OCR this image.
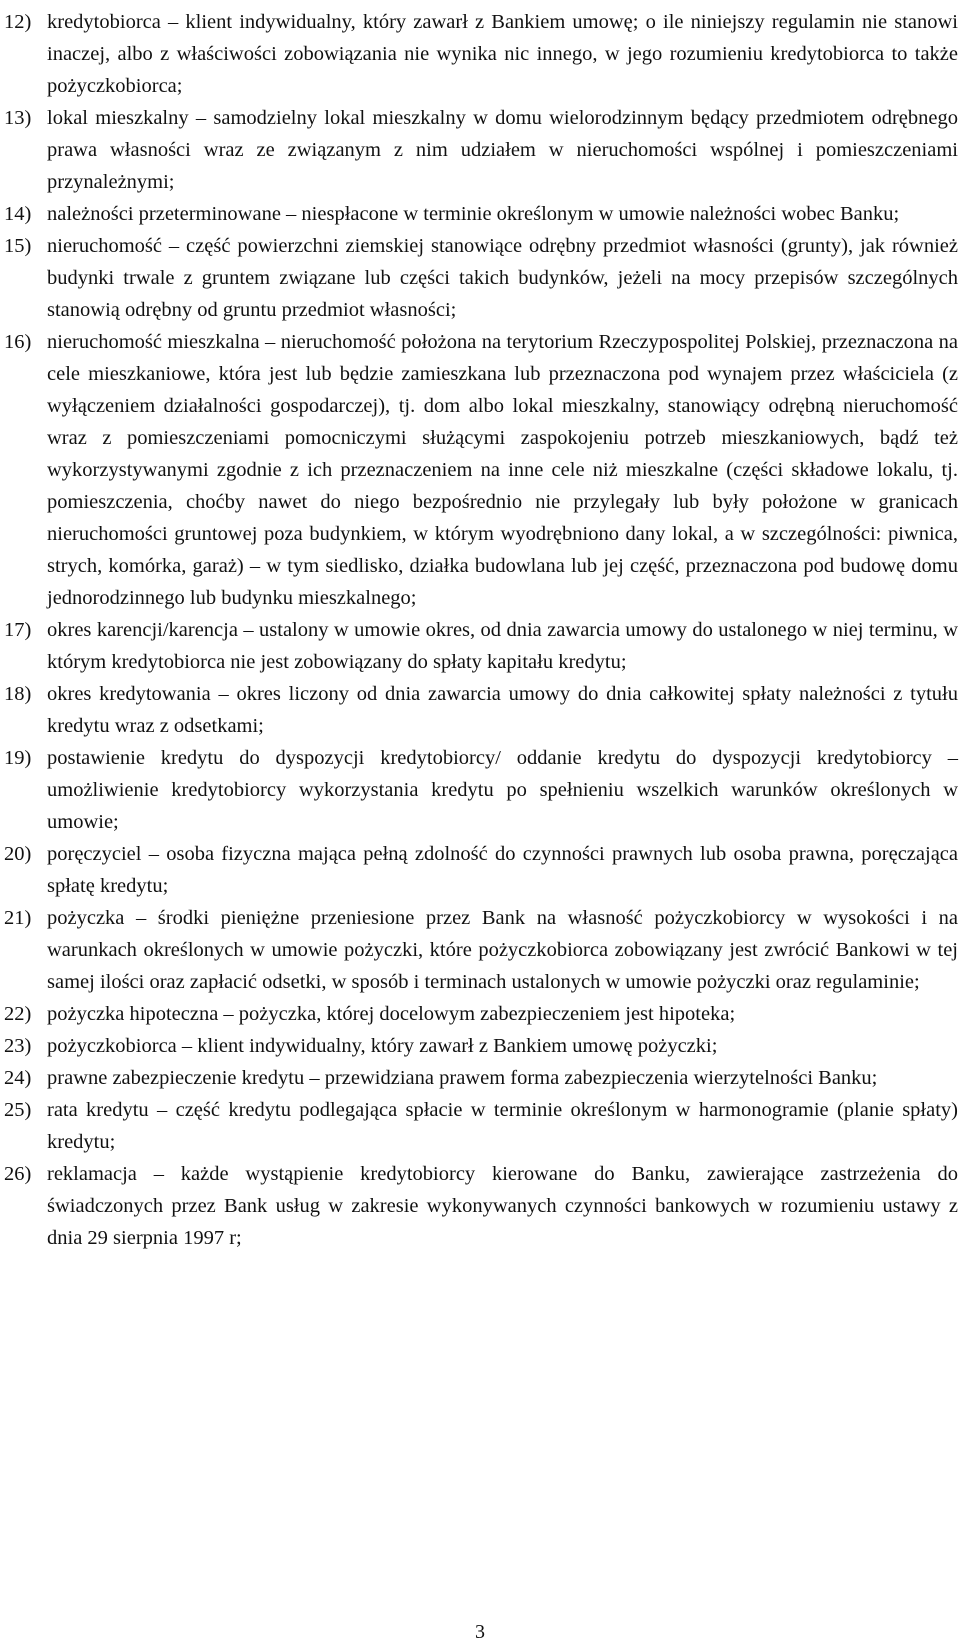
12) kredytobiorca – klient indywidualny, który zawarł z Bankiem umowę; o ile niniejszy regulamin nie stanowi inaczej, albo z właściwości zobowiązania nie wynika nic innego, w jego rozumieniu kredytobiorca to także pożyczkobiorca;
13) lokal mieszkalny – samodzielny lokal mieszkalny w domu wielorodzinnym będący przedmiotem odrębnego prawa własności wraz ze związanym z nim udziałem w nieruchomości wspólnej i pomieszczeniami przynależnymi;
14) należności przeterminowane – niespłacone w terminie określonym w umowie należności wobec Banku;
15) nieruchomość – część powierzchni ziemskiej stanowiące odrębny przedmiot własności (grunty), jak również budynki trwale z gruntem związane lub części takich budynków, jeżeli na mocy przepisów szczególnych stanowią odrębny od gruntu przedmiot własności;
16) nieruchomość mieszkalna – nieruchomość położona na terytorium Rzeczypospolitej Polskiej, przeznaczona na cele mieszkaniowe, która jest lub będzie zamieszkana lub przeznaczona pod wynajem przez właściciela (z wyłączeniem działalności gospodarczej), tj. dom albo lokal mieszkalny, stanowiący odrębną nieruchomość wraz z pomieszczeniami pomocniczymi służącymi zaspokojeniu potrzeb mieszkaniowych, bądź też wykorzystywanymi zgodnie z ich przeznaczeniem na inne cele niż mieszkalne (części składowe lokalu, tj. pomieszczenia, choćby nawet do niego bezpośrednio nie przylegały lub były położone w granicach nieruchomości gruntowej poza budynkiem, w którym wyodrębniono dany lokal, a w szczególności: piwnica, strych, komórka, garaż) – w tym siedlisko, działka budowlana lub jej część, przeznaczona pod budowę domu jednorodzinnego lub budynku mieszkalnego;
17) okres karencji/karencja – ustalony w umowie okres, od dnia zawarcia umowy do ustalonego w niej terminu, w którym kredytobiorca nie jest zobowiązany do spłaty kapitału kredytu;
18) okres kredytowania – okres liczony od dnia zawarcia umowy do dnia całkowitej spłaty należności z tytułu kredytu wraz z odsetkami;
19) postawienie kredytu do dyspozycji kredytobiorcy/ oddanie kredytu do dyspozycji kredytobiorcy – umożliwienie kredytobiorcy wykorzystania kredytu po spełnieniu wszelkich warunków określonych w umowie;
20) poręczyciel – osoba fizyczna mająca pełną zdolność do czynności prawnych lub osoba prawna, poręczająca spłatę kredytu;
21) pożyczka – środki pieniężne przeniesione przez Bank na własność pożyczkobiorcy w wysokości i na warunkach określonych w umowie pożyczki, które pożyczkobiorca zobowiązany jest zwrócić Bankowi w tej samej ilości oraz zapłacić odsetki, w sposób i terminach ustalonych w umowie pożyczki oraz regulaminie;
22) pożyczka hipoteczna – pożyczka, której docelowym zabezpieczeniem jest hipoteka;
23) pożyczkobiorca – klient indywidualny, który zawarł z Bankiem umowę pożyczki;
24) prawne zabezpieczenie kredytu – przewidziana prawem forma zabezpieczenia wierzytelności Banku;
25) rata kredytu – część kredytu podlegająca spłacie w terminie określonym w harmonogramie (planie spłaty) kredytu;
26) reklamacja – każde wystąpienie kredytobiorcy kierowane do Banku, zawierające zastrzeżenia do świadczonych przez Bank usług w zakresie wykonywanych czynności bankowych w rozumieniu ustawy z dnia 29 sierpnia 1997 r;
3
